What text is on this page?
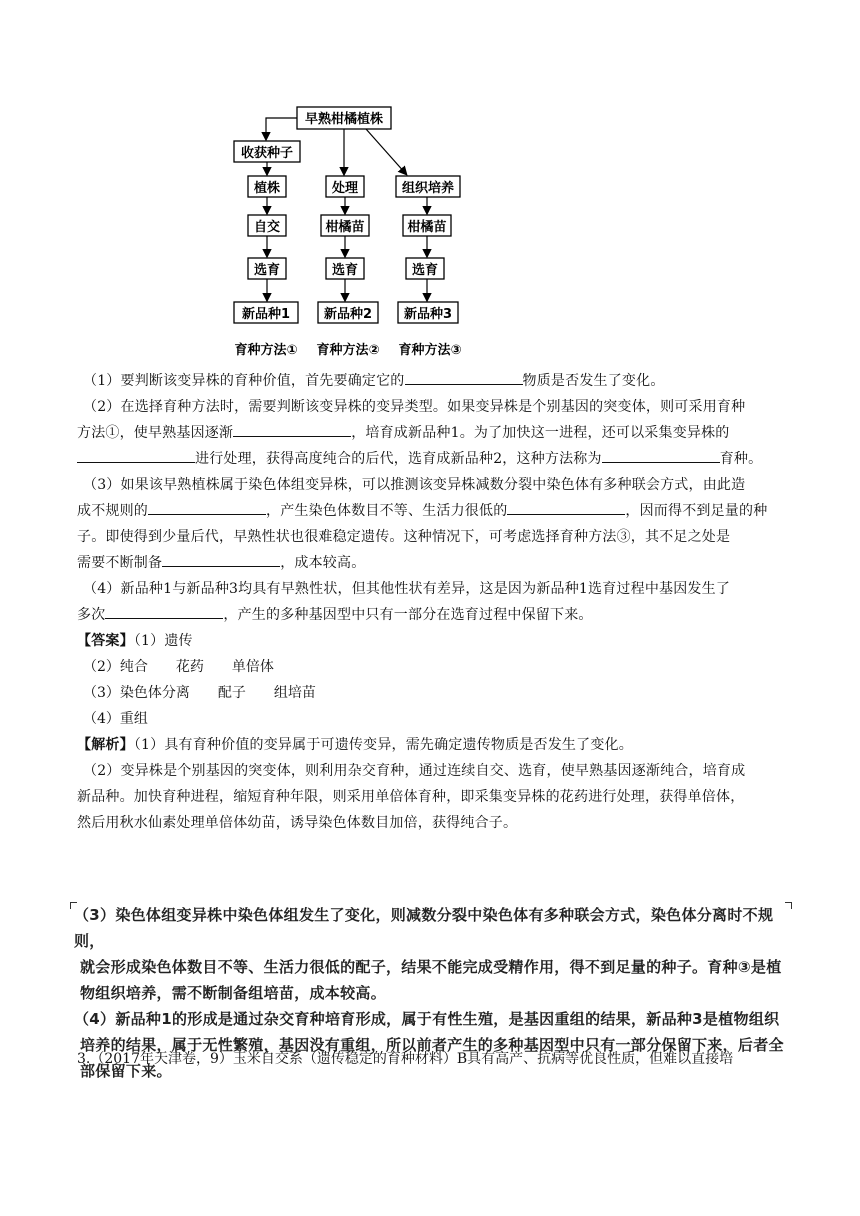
早熟柑橘植株
收获种子
植株
自交
选育
新品种1
处理
柑橘苗
选育
新品种2
组织培养
柑橘苗
选育
新品种3
育种方法① 育种方法② 育种方法③

（1）要判断该变异株的育种价值，首先要确定它的	物质是否发生了变化。

（2）在选择育种方法时，需要判断该变异株的变异类型。如果变异株是个别基因的突变体，则可采用育种

方法①，使早熟基因逐渐	，培育成新品种1。为了加快这一进程，还可以采集变异株的

进行处理，获得高度纯合的后代，选育成新品种2，这种方法称为	育种。

（3）如果该早熟植株属于染色体组变异株，可以推测该变异株减数分裂中染色体有多种联会方式，由此造

成不规则的	，产生染色体数目不等、生活力很低的	，因而得不到足量的种

子。即使得到少量后代，早熟性状也很难稳定遗传。这种情况下，可考虑选择育种方法③，其不足之处是

需要不断制备	，成本较高。

（4）新品种1与新品种3均具有早熟性状，但其他性状有差异，这是因为新品种1选育过程中基因发生了

多次	，产生的多种基因型中只有一部分在选育过程中保留下来。

【答案】（1）遗传

（2）纯合　　花药　　单倍体

（3）染色体分离　　配子　　组培苗

（4）重组

【解析】（1）具有育种价值的变异属于可遗传变异，需先确定遗传物质是否发生了变化。

（2）变异株是个别基因的突变体，则利用杂交育种，通过连续自交、选育，使早熟基因逐渐纯合，培育成

新品种。加快育种进程，缩短育种年限，则采用单倍体育种，即采集变异株的花药进行处理，获得单倍体，

然后用秋水仙素处理单倍体幼苗，诱导染色体数目加倍，获得纯合子。

（3）染色体组变异株中染色体组发生了变化，则减数分裂中染色体有多种联会方式，染色体分离时不规则，

就会形成染色体数目不等、生活力很低的配子，结果不能完成受精作用，得不到足量的种子。育种③是植

物组织培养，需不断制备组培苗，成本较高。

（4）新品种1的形成是通过杂交育种培育形成，属于有性生殖，是基因重组的结果，新品种3是植物组织

培养的结果，属于无性繁殖，基因没有重组，所以前者产生的多种基因型中只有一部分保留下来，后者全

部保留下来。

3.（2017年天津卷，9）玉米自交系（遗传稳定的育种材料）B具有高产、抗病等优良性质，但难以直接培
